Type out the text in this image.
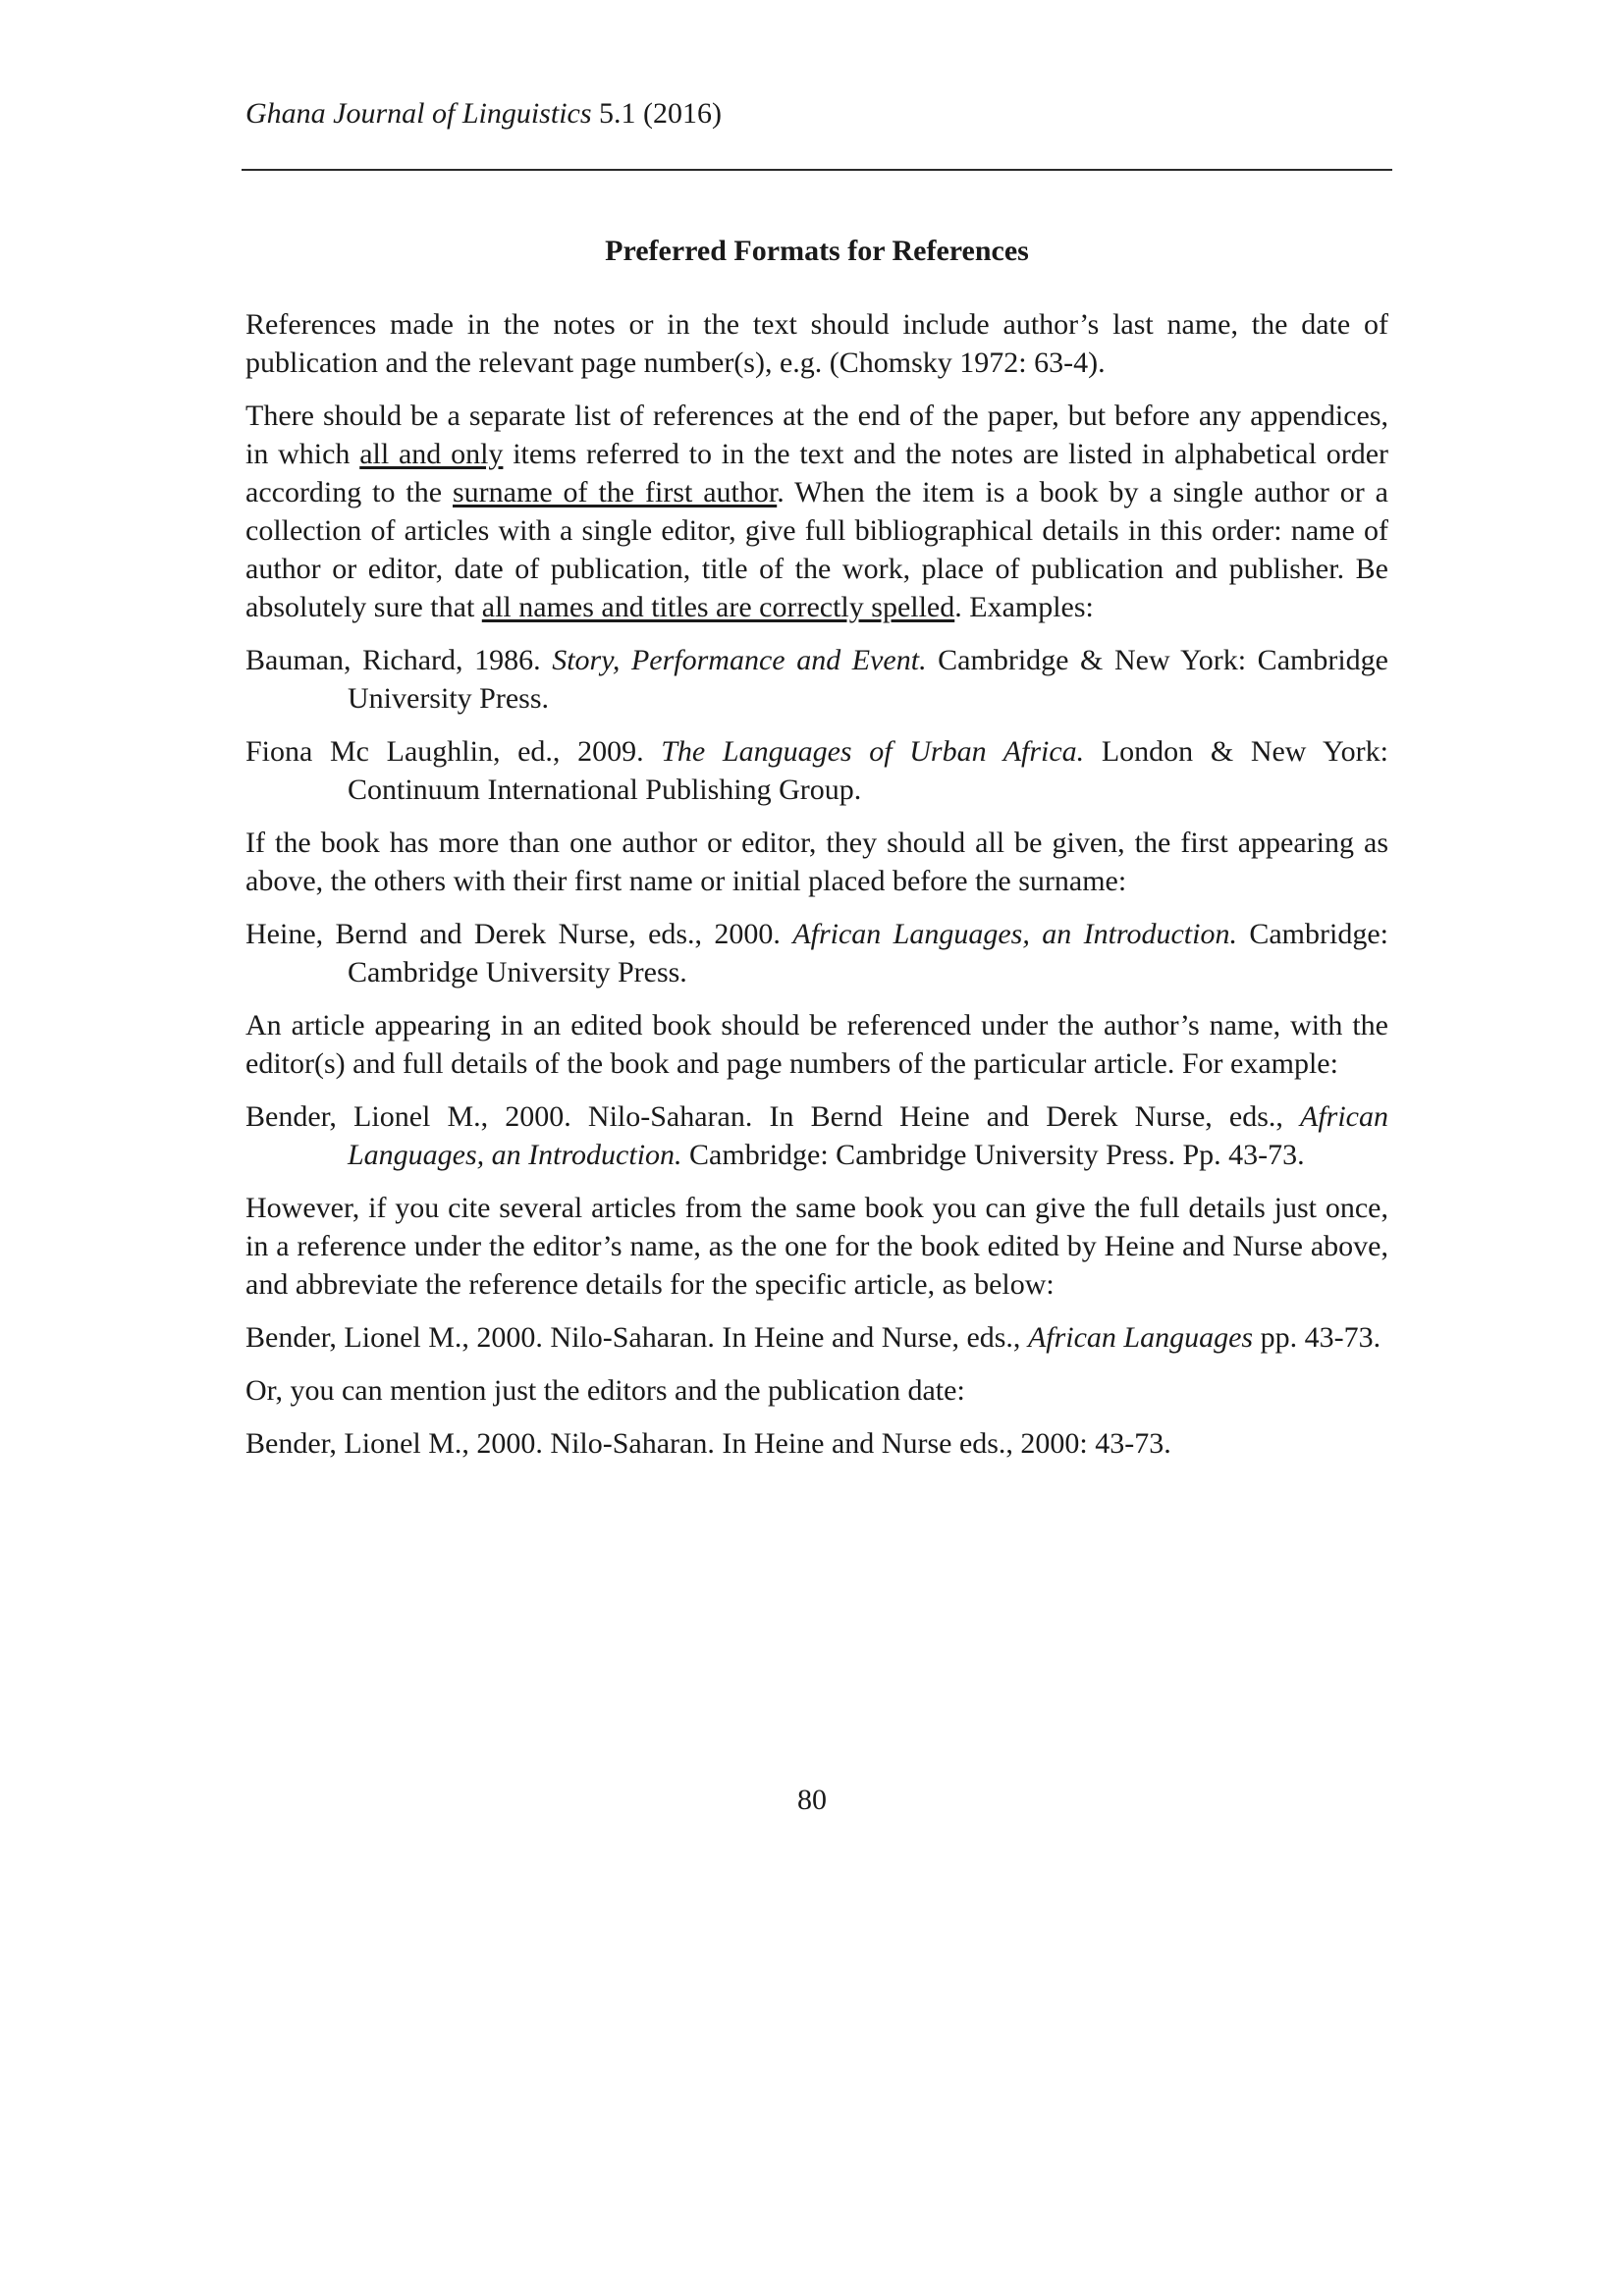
Ghana Journal of Linguistics 5.1 (2016)
Preferred Formats for References

References made in the notes or in the text should include author’s last name, the date of publication and the relevant page number(s), e.g. (Chomsky 1972: 63-4).

There should be a separate list of references at the end of the paper, but before any appendices, in which all and only items referred to in the text and the notes are listed in alphabetical order according to the surname of the first author. When the item is a book by a single author or a collection of articles with a single editor, give full bibliographical details in this order: name of author or editor, date of publication, title of the work, place of publication and publisher. Be absolutely sure that all names and titles are correctly spelled. Examples:

Bauman, Richard, 1986. Story, Performance and Event. Cambridge & New York: Cambridge University Press.

Fiona Mc Laughlin, ed., 2009. The Languages of Urban Africa. London & New York: Continuum International Publishing Group.

If the book has more than one author or editor, they should all be given, the first appearing as above, the others with their first name or initial placed before the surname:

Heine, Bernd and Derek Nurse, eds., 2000. African Languages, an Introduction. Cambridge: Cambridge University Press.

An article appearing in an edited book should be referenced under the author’s name, with the editor(s) and full details of the book and page numbers of the particular article. For example:

Bender, Lionel M., 2000. Nilo-Saharan. In Bernd Heine and Derek Nurse, eds., African Languages, an Introduction. Cambridge: Cambridge University Press. Pp. 43-73.

However, if you cite several articles from the same book you can give the full details just once, in a reference under the editor’s name, as the one for the book edited by Heine and Nurse above, and abbreviate the reference details for the specific article, as below:

Bender, Lionel M., 2000. Nilo-Saharan. In Heine and Nurse, eds., African Languages pp. 43-73.

Or, you can mention just the editors and the publication date:

Bender, Lionel M., 2000. Nilo-Saharan. In Heine and Nurse eds., 2000: 43-73.

80
